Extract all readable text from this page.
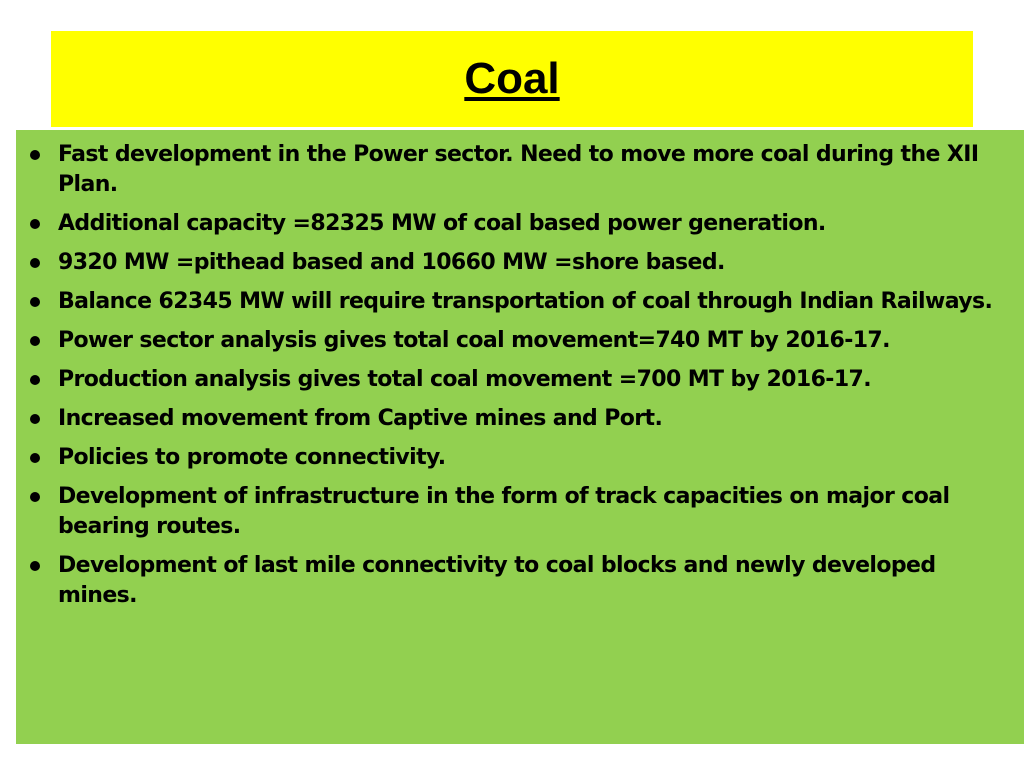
Coal
Fast development in the Power sector. Need to move more coal during the XII Plan.
Additional capacity =82325 MW of coal based power generation.
9320 MW =pithead based and 10660 MW =shore based.
Balance 62345 MW will require transportation of coal through Indian Railways.
Power sector analysis gives total coal movement=740 MT by 2016-17.
Production analysis gives total coal movement =700 MT by 2016-17.
Increased movement from Captive mines and Port.
Policies to promote connectivity.
Development of infrastructure in the form of track capacities on major coal bearing routes.
Development of last mile connectivity to coal blocks and newly developed mines.
